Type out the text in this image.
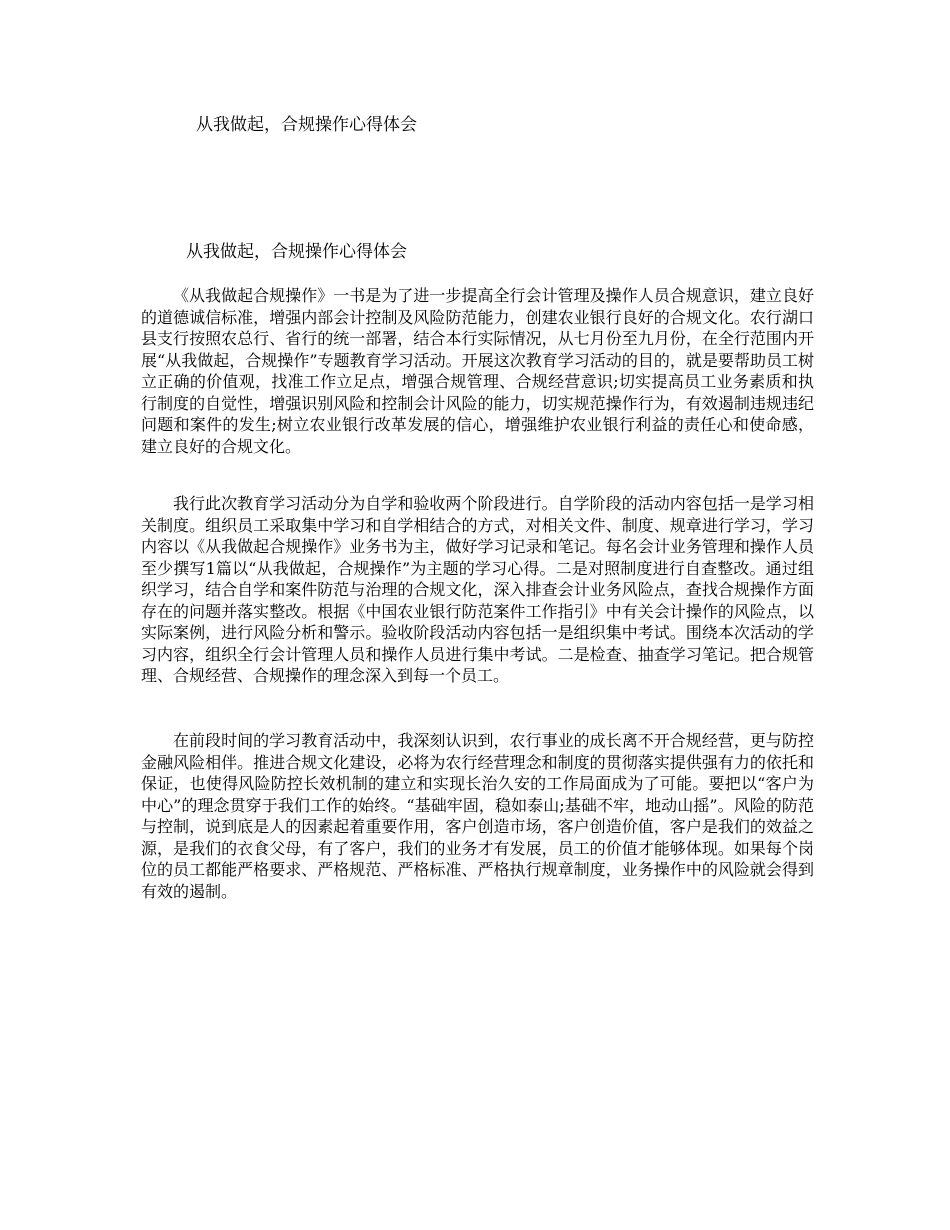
从我做起，合规操作心得体会
从我做起，合规操作心得体会

《从我做起合规操作》一书是为了进一步提高全行会计管理及操作人员合规意识，建立良好的道德诚信标准，增强内部会计控制及风险防范能力，创建农业银行良好的合规文化。农行湖口县支行按照农总行、省行的统一部署，结合本行实际情况，从七月份至九月份，在全行范围内开展“从我做起，合规操作”专题教育学习活动。开展这次教育学习活动的目的，就是要帮助员工树立正确的价值观，找准工作立足点，增强合规管理、合规经营意识;切实提高员工业务素质和执行制度的自觉性，增强识别风险和控制会计风险的能力，切实规范操作行为，有效遏制违规违纪问题和案件的发生;树立农业银行改革发展的信心，增强维护农业银行利益的责任心和使命感，建立良好的合规文化。

我行此次教育学习活动分为自学和验收两个阶段进行。自学阶段的活动内容包括一是学习相关制度。组织员工采取集中学习和自学相结合的方式，对相关文件、制度、规章进行学习，学习内容以《从我做起合规操作》业务书为主，做好学习记录和笔记。每名会计业务管理和操作人员至少撰写1篇以“从我做起，合规操作”为主题的学习心得。二是对照制度进行自查整改。通过组织学习，结合自学和案件防范与治理的合规文化，深入排查会计业务风险点，查找合规操作方面存在的问题并落实整改。根据《中国农业银行防范案件工作指引》中有关会计操作的风险点，以实际案例，进行风险分析和警示。验收阶段活动内容包括一是组织集中考试。围绕本次活动的学习内容，组织全行会计管理人员和操作人员进行集中考试。二是检查、抽查学习笔记。把合规管理、合规经营、合规操作的理念深入到每一个员工。

在前段时间的学习教育活动中，我深刻认识到，农行事业的成长离不开合规经营，更与防控金融风险相伴。推进合规文化建设，必将为农行经营理念和制度的贯彻落实提供强有力的依托和保证，也使得风险防控长效机制的建立和实现长治久安的工作局面成为了可能。要把以“客户为中心”的理念贯穿于我们工作的始终。“基础牢固，稳如泰山;基础不牢，地动山摇”。风险的防范与控制，说到底是人的因素起着重要作用，客户创造市场，客户创造价值，客户是我们的效益之源，是我们的衣食父母，有了客户，我们的业务才有发展，员工的价值才能够体现。如果每个岗位的员工都能严格要求、严格规范、严格标准、严格执行规章制度，业务操作中的风险就会得到有效的遏制。
